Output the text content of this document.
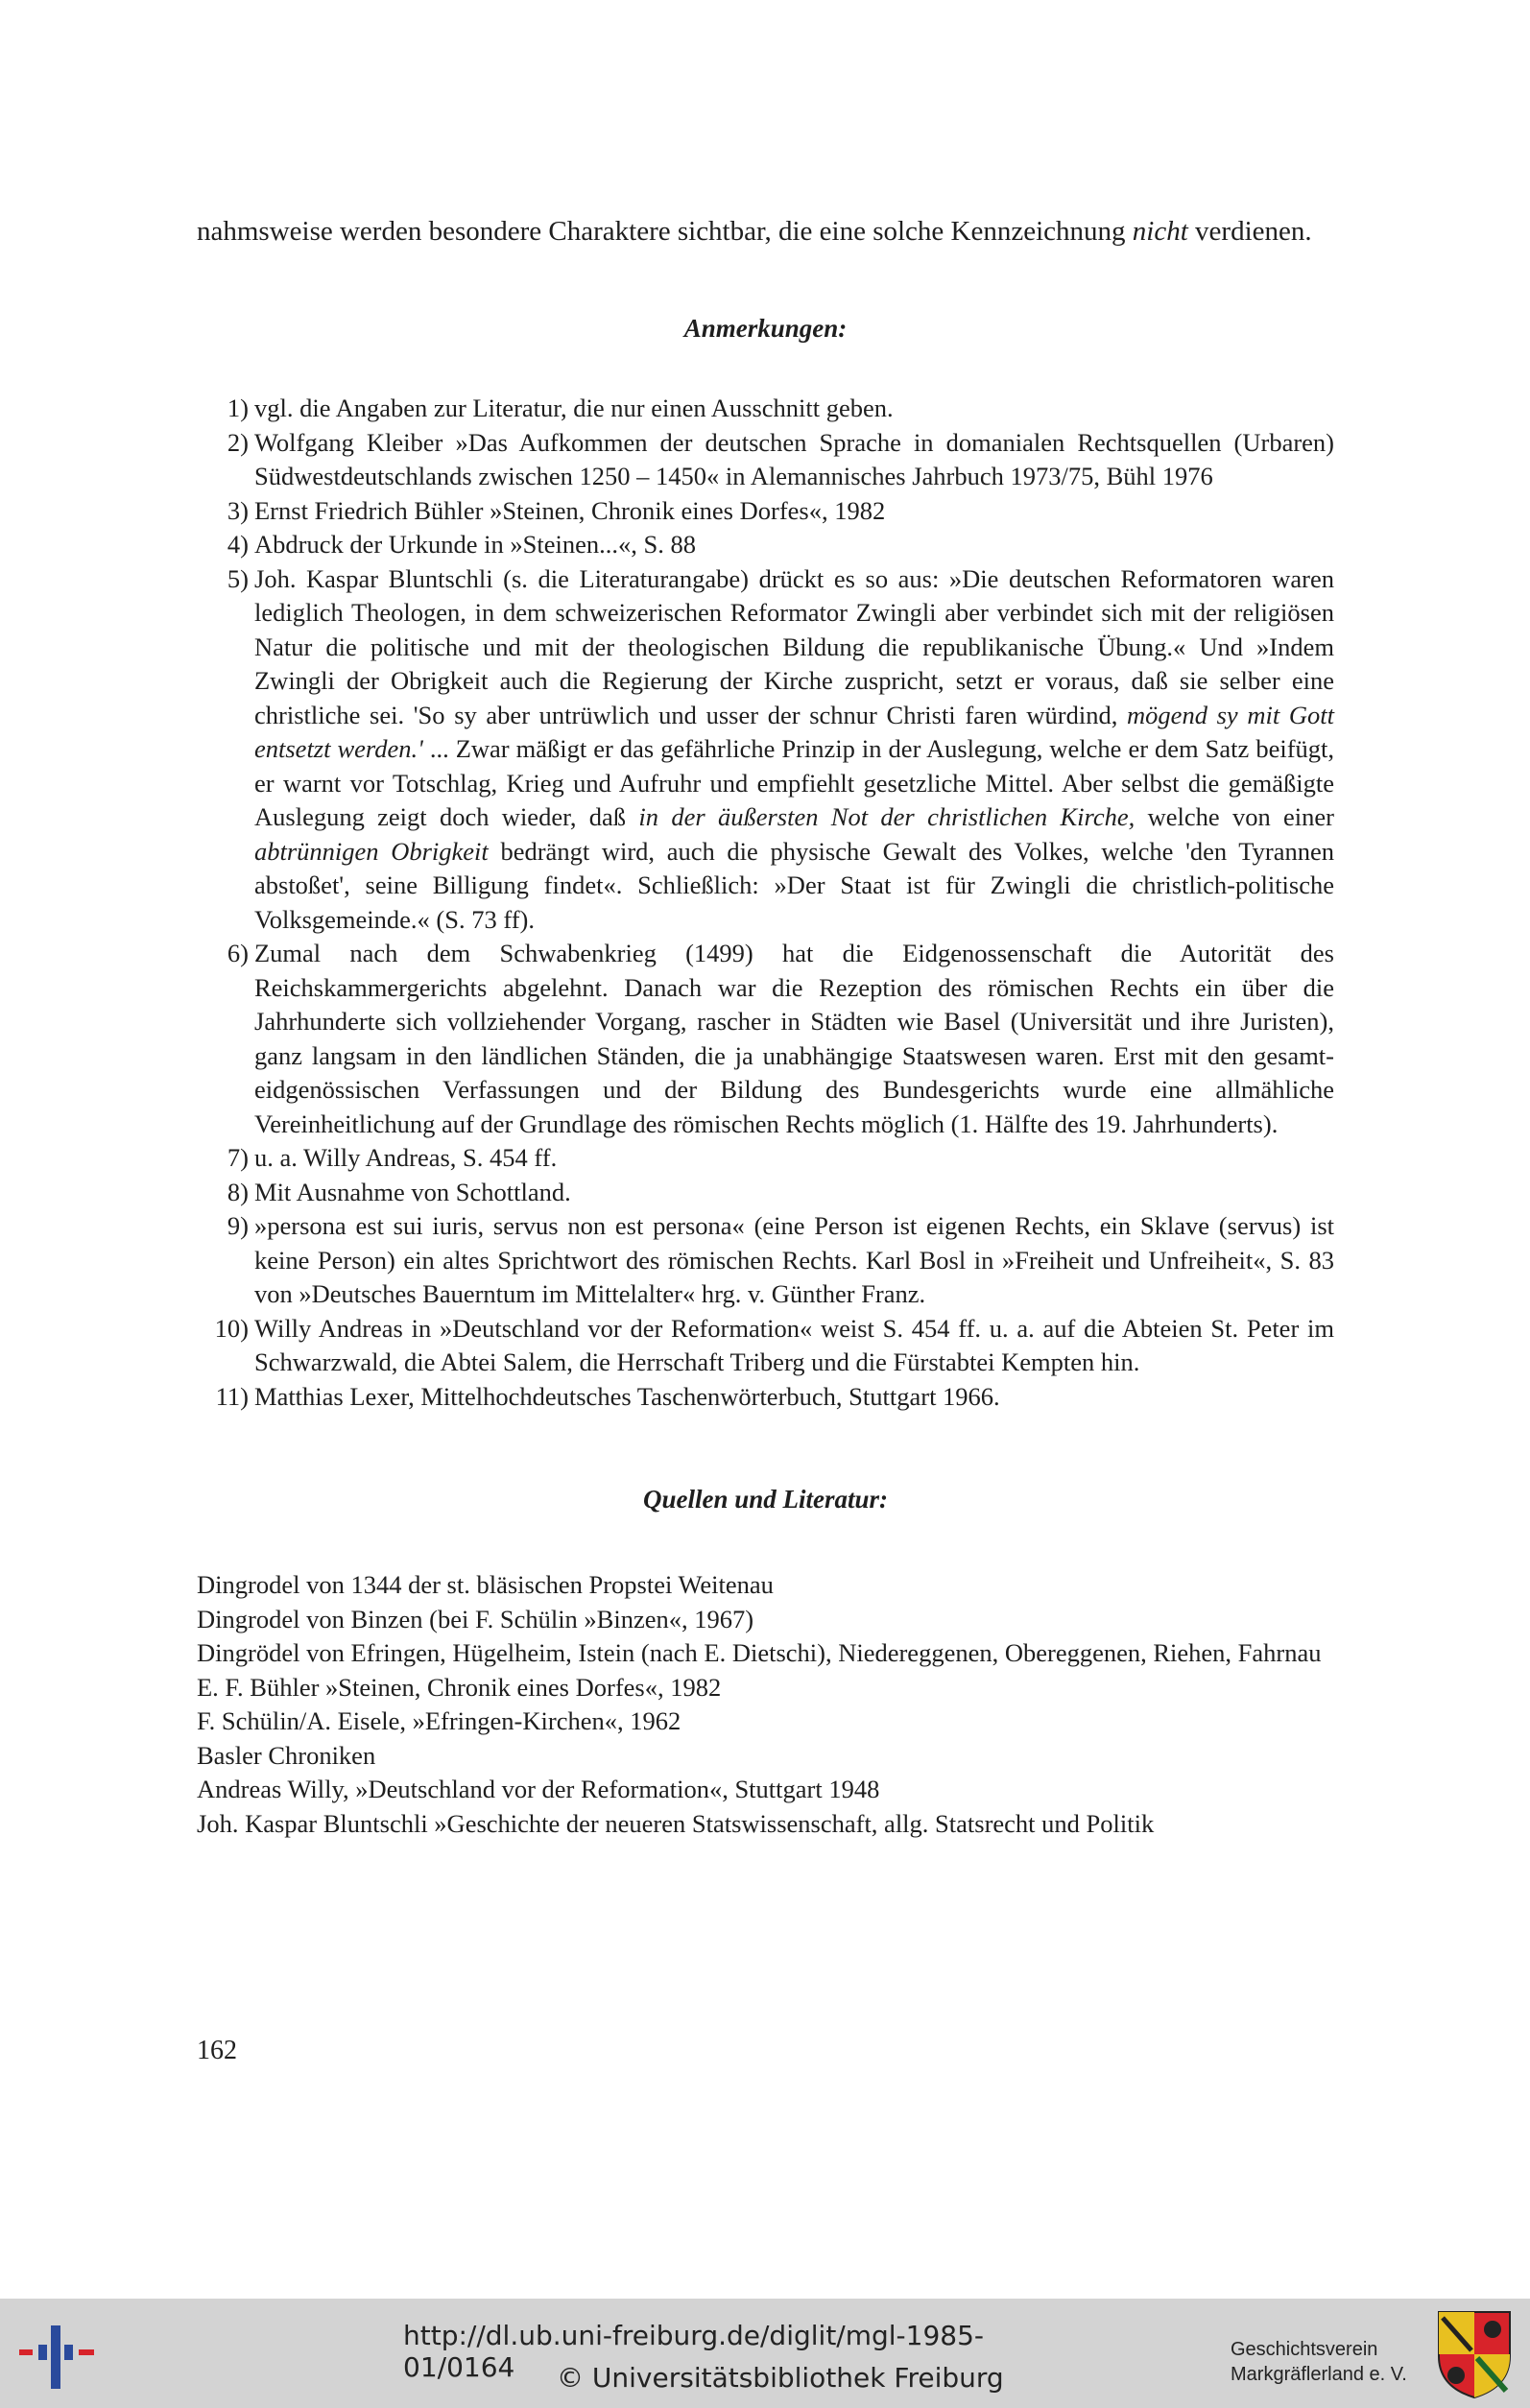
nahmsweise werden besondere Charaktere sichtbar, die eine solche Kennzeichnung nicht verdienen.

Anmerkungen:
1) vgl. die Angaben zur Literatur, die nur einen Ausschnitt geben.
2) Wolfgang Kleiber »Das Aufkommen der deutschen Sprache in domanialen Rechtsquellen (Urbaren) Südwestdeutschlands zwischen 1250 – 1450« in Alemannisches Jahrbuch 1973/75, Bühl 1976
3) Ernst Friedrich Bühler »Steinen, Chronik eines Dorfes«, 1982
4) Abdruck der Urkunde in »Steinen...«, S. 88
5) Joh. Kaspar Bluntschli (s. die Literaturangabe) drückt es so aus: »Die deutschen Reformatoren waren lediglich Theologen, in dem schweizerischen Reformator Zwingli aber verbindet sich mit der religiösen Natur die politische und mit der theologischen Bildung die republikanische Übung.« Und »Indem Zwingli der Obrigkeit auch die Regierung der Kirche zuspricht, setzt er voraus, daß sie selber eine christliche sei. 'So sy aber untrüwlich und usser der schnur Christi faren würdind, mögend sy mit Gott entsetzt werden.' ... Zwar mäßigt er das gefährliche Prinzip in der Auslegung, welche er dem Satz beifügt, er warnt vor Totschlag, Krieg und Aufruhr und empfiehlt gesetzliche Mittel. Aber selbst die gemäßigte Auslegung zeigt doch wieder, daß in der äußersten Not der christlichen Kirche, welche von einer abtrünnigen Obrigkeit bedrängt wird, auch die physische Gewalt des Volkes, welche 'den Tyrannen abstoßet', seine Billigung findet«. Schließlich: »Der Staat ist für Zwingli die christlich-politische Volksgemeinde.« (S. 73 ff).
6) Zumal nach dem Schwabenkrieg (1499) hat die Eidgenossenschaft die Autorität des Reichskammergerichts abgelehnt. Danach war die Rezeption des römischen Rechts ein über die Jahrhunderte sich vollziehender Vorgang, rascher in Städten wie Basel (Universität und ihre Juristen), ganz langsam in den ländlichen Ständen, die ja unabhängige Staatswesen waren. Erst mit den gesamt-eidgenössischen Verfassungen und der Bildung des Bundesgerichts wurde eine allmähliche Vereinheitlichung auf der Grundlage des römischen Rechts möglich (1. Hälfte des 19. Jahrhunderts).
7) u. a. Willy Andreas, S. 454 ff.
8) Mit Ausnahme von Schottland.
9) »persona est sui iuris, servus non est persona« (eine Person ist eigenen Rechts, ein Sklave (servus) ist keine Person) ein altes Sprichtwort des römischen Rechts. Karl Bosl in »Freiheit und Unfreiheit«, S. 83 von »Deutsches Bauerntum im Mittelalter« hrg. v. Günther Franz.
10) Willy Andreas in »Deutschland vor der Reformation« weist S. 454 ff. u. a. auf die Abteien St. Peter im Schwarzwald, die Abtei Salem, die Herrschaft Triberg und die Fürstabtei Kempten hin.
11) Matthias Lexer, Mittelhochdeutsches Taschenwörterbuch, Stuttgart 1966.
Quellen und Literatur:
Dingrodel von 1344 der st. bläsischen Propstei Weitenau
Dingrodel von Binzen (bei F. Schülin »Binzen«, 1967)
Dingrödel von Efringen, Hügelheim, Istein (nach E. Dietschi), Niedereggenen, Obereggenen, Riehen, Fahrnau
E. F. Bühler »Steinen, Chronik eines Dorfes«, 1982
F. Schülin/A. Eisele, »Efringen-Kirchen«, 1962
Basler Chroniken
Andreas Willy, »Deutschland vor der Reformation«, Stuttgart 1948
Joh. Kaspar Bluntschli »Geschichte der neueren Statswissenschaft, allg. Statsrecht und Politik
162
http://dl.ub.uni-freiburg.de/diglit/mgl-1985-01/0164	© Universitätsbibliothek Freiburg
Geschichtsverein
Markgräflerland e. V.
